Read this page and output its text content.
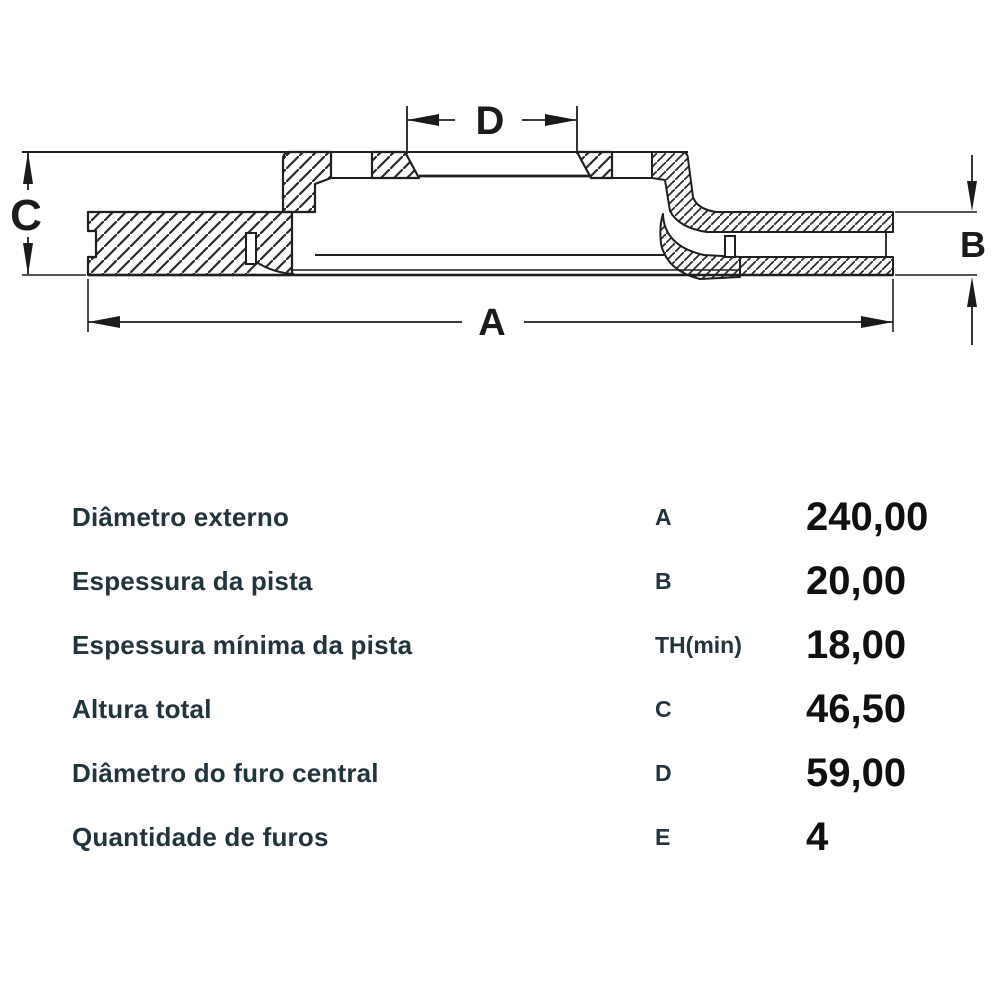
C
D
B
A
Diâmetro externo	A	240,00
Espessura da pista	B	20,00
Espessura mínima da pista	TH(min)	18,00
Altura total	C	46,50
Diâmetro do furo central	D	59,00
Quantidade de furos	E	4
